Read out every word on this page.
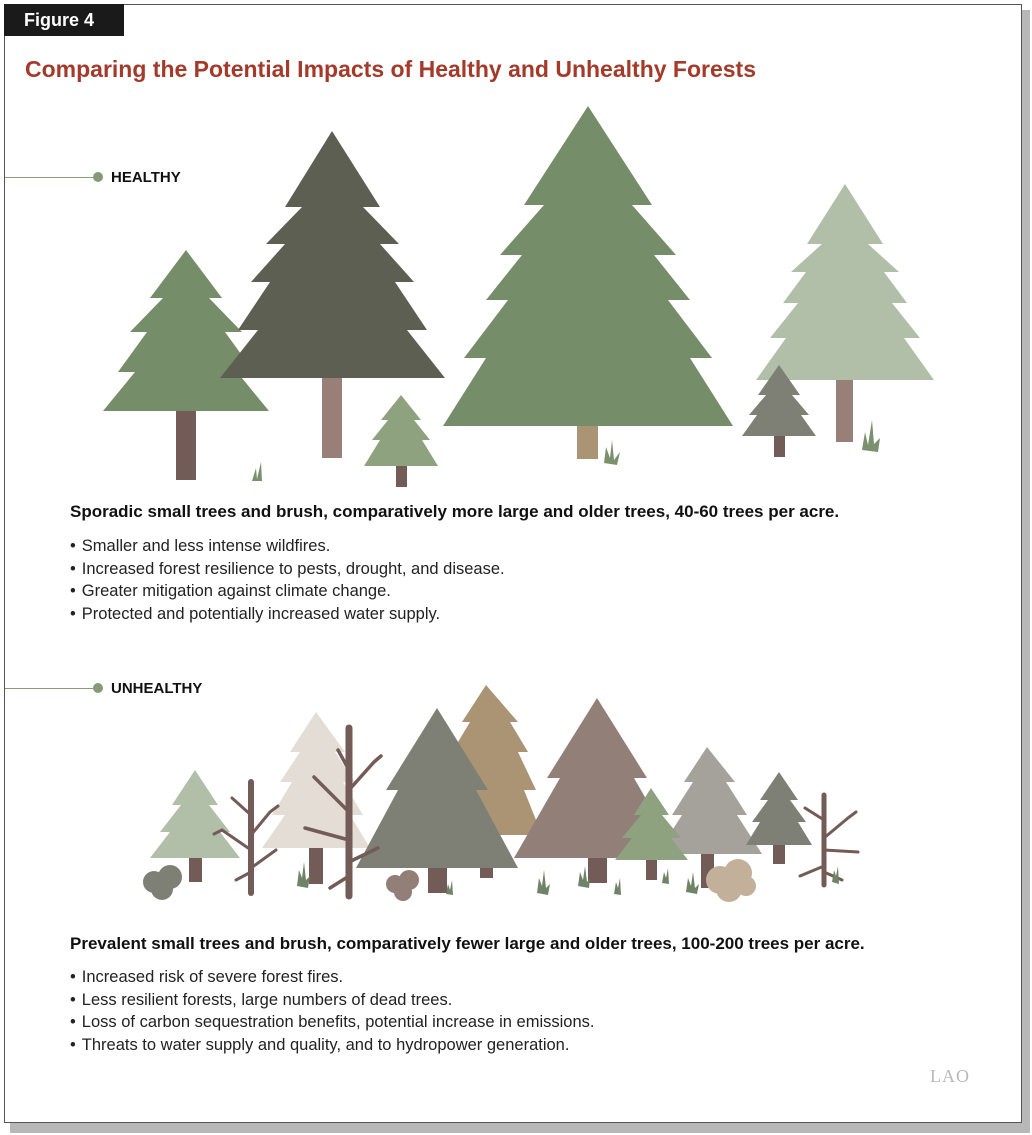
Figure 4
Comparing the Potential Impacts of Healthy and Unhealthy Forests
HEALTHY
Sporadic small trees and brush, comparatively more large and older trees, 40-60 trees per acre.
• Smaller and less intense wildfires.
• Increased forest resilience to pests, drought, and disease.
• Greater mitigation against climate change.
• Protected and potentially increased water supply.
UNHEALTHY
Prevalent small trees and brush, comparatively fewer large and older trees, 100-200 trees per acre.
• Increased risk of severe forest fires.
• Less resilient forests, large numbers of dead trees.
• Loss of carbon sequestration benefits, potential increase in emissions.
• Threats to water supply and quality, and to hydropower generation.
LAO
